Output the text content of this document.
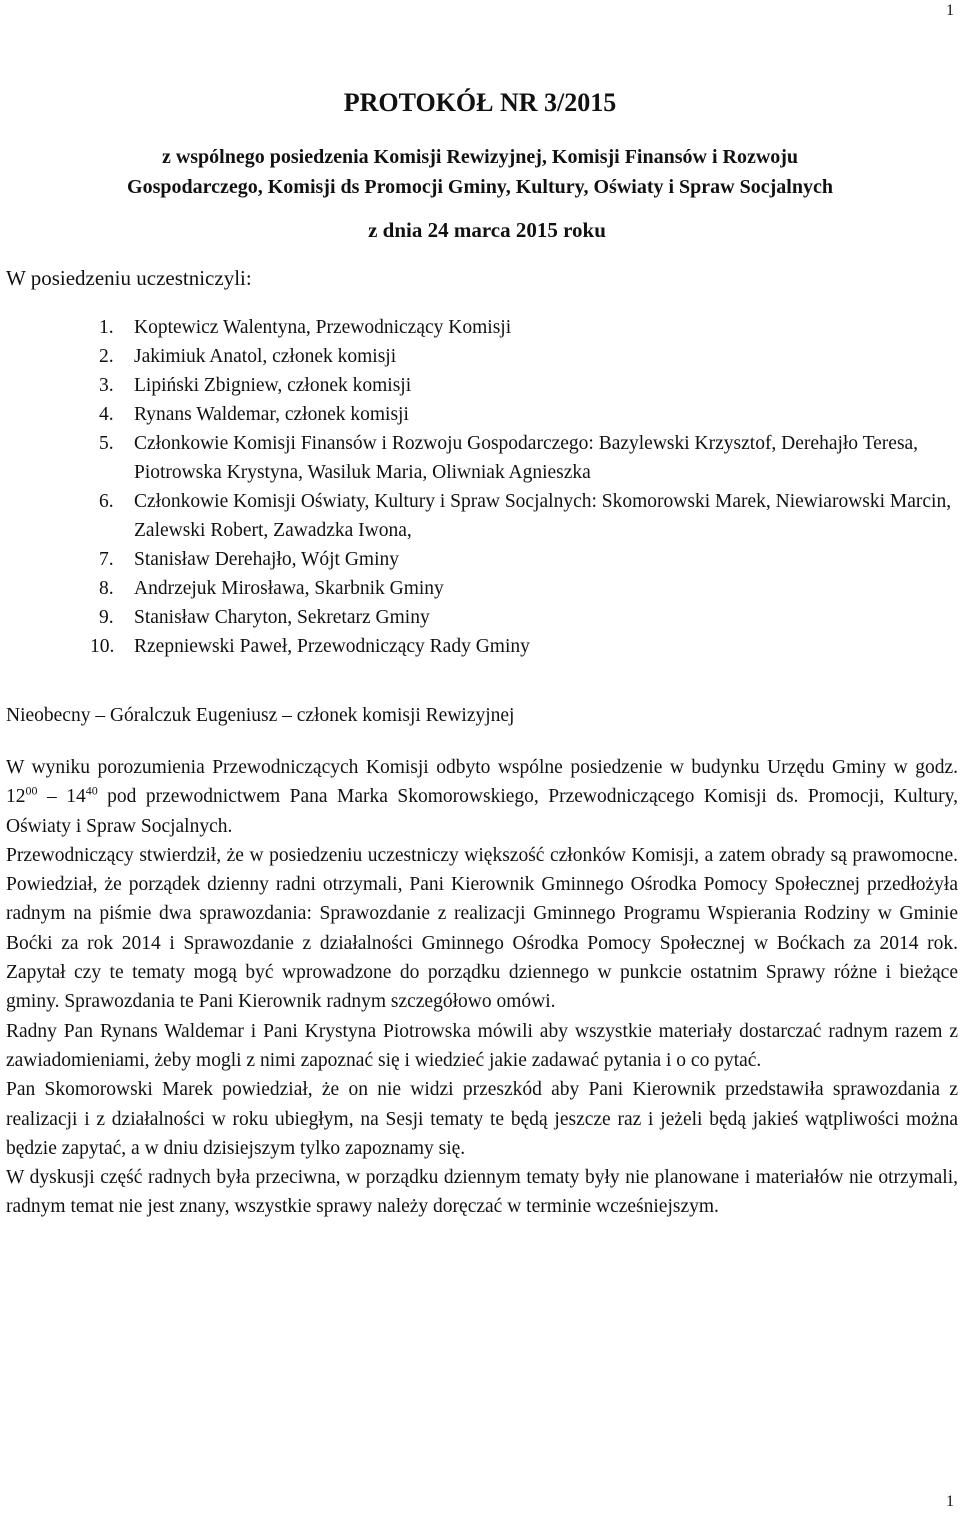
1
PROTOKÓŁ NR 3/2015
z wspólnego posiedzenia Komisji Rewizyjnej, Komisji Finansów i Rozwoju
Gospodarczego, Komisji ds Promocji Gminy, Kultury, Oświaty i Spraw Socjalnych
z dnia 24 marca 2015 roku
W posiedzeniu uczestniczyli:
1. Koptewicz Walentyna, Przewodniczący Komisji
2. Jakimiuk Anatol, członek komisji
3. Lipiński Zbigniew, członek komisji
4. Rynans Waldemar, członek komisji
5. Członkowie Komisji Finansów i Rozwoju Gospodarczego: Bazylewski Krzysztof, Derehajło Teresa, Piotrowska Krystyna, Wasiluk Maria, Oliwniak Agnieszka
6. Członkowie Komisji Oświaty, Kultury i Spraw Socjalnych: Skomorowski Marek, Niewiarowski Marcin, Zalewski Robert, Zawadzka Iwona,
7. Stanisław Derehajło, Wójt Gminy
8. Andrzejuk Mirosława, Skarbnik Gminy
9. Stanisław Charyton, Sekretarz Gminy
10. Rzepniewski Paweł, Przewodniczący Rady Gminy
Nieobecny – Góralczuk Eugeniusz – członek komisji Rewizyjnej

W wyniku porozumienia Przewodniczących Komisji odbyto wspólne posiedzenie w budynku Urzędu Gminy w godz. $12^{00} - 14^{40}$ pod przewodnictwem Pana Marka Skomorowskiego, Przewodniczącego Komisji ds. Promocji, Kultury, Oświaty i Spraw Socjalnych.

Przewodniczący stwierdził, że w posiedzeniu uczestniczy większość członków Komisji, a zatem obrady są prawomocne. Powiedział, że porządek dzienny radni otrzymali, Pani Kierownik Gminnego Ośrodka Pomocy Społecznej przedłożyła radnym na piśmie dwa sprawozdania: Sprawozdanie z realizacji Gminnego Programu Wspierania Rodziny w Gminie Boćki za rok 2014 i Sprawozdanie z działalności Gminnego Ośrodka Pomocy Społecznej w Boćkach za 2014 rok. Zapytał czy te tematy mogą być wprowadzone do porządku dziennego w punkcie ostatnim Sprawy różne i bieżące gminy. Sprawozdania te Pani Kierownik radnym szczegółowo omówi.

Radny Pan Rynans Waldemar i Pani Krystyna Piotrowska mówili aby wszystkie materiały dostarczać radnym razem z zawiadomieniami, żeby mogli z nimi zapoznać się i wiedzieć jakie zadawać pytania i o co pytać.

Pan Skomorowski Marek powiedział, że on nie widzi przeszkód aby Pani Kierownik przedstawiła sprawozdania z realizacji i z działalności w roku ubiegłym, na Sesji tematy te będą jeszcze raz i jeżeli będą jakieś wątpliwości można będzie zapytać, a w dniu dzisiejszym tylko zapoznamy się.

W dyskusji część radnych była przeciwna, w porządku dziennym tematy były nie planowane i materiałów nie otrzymali, radnym temat nie jest znany, wszystkie sprawy należy doręczać w terminie wcześniejszym.

1
